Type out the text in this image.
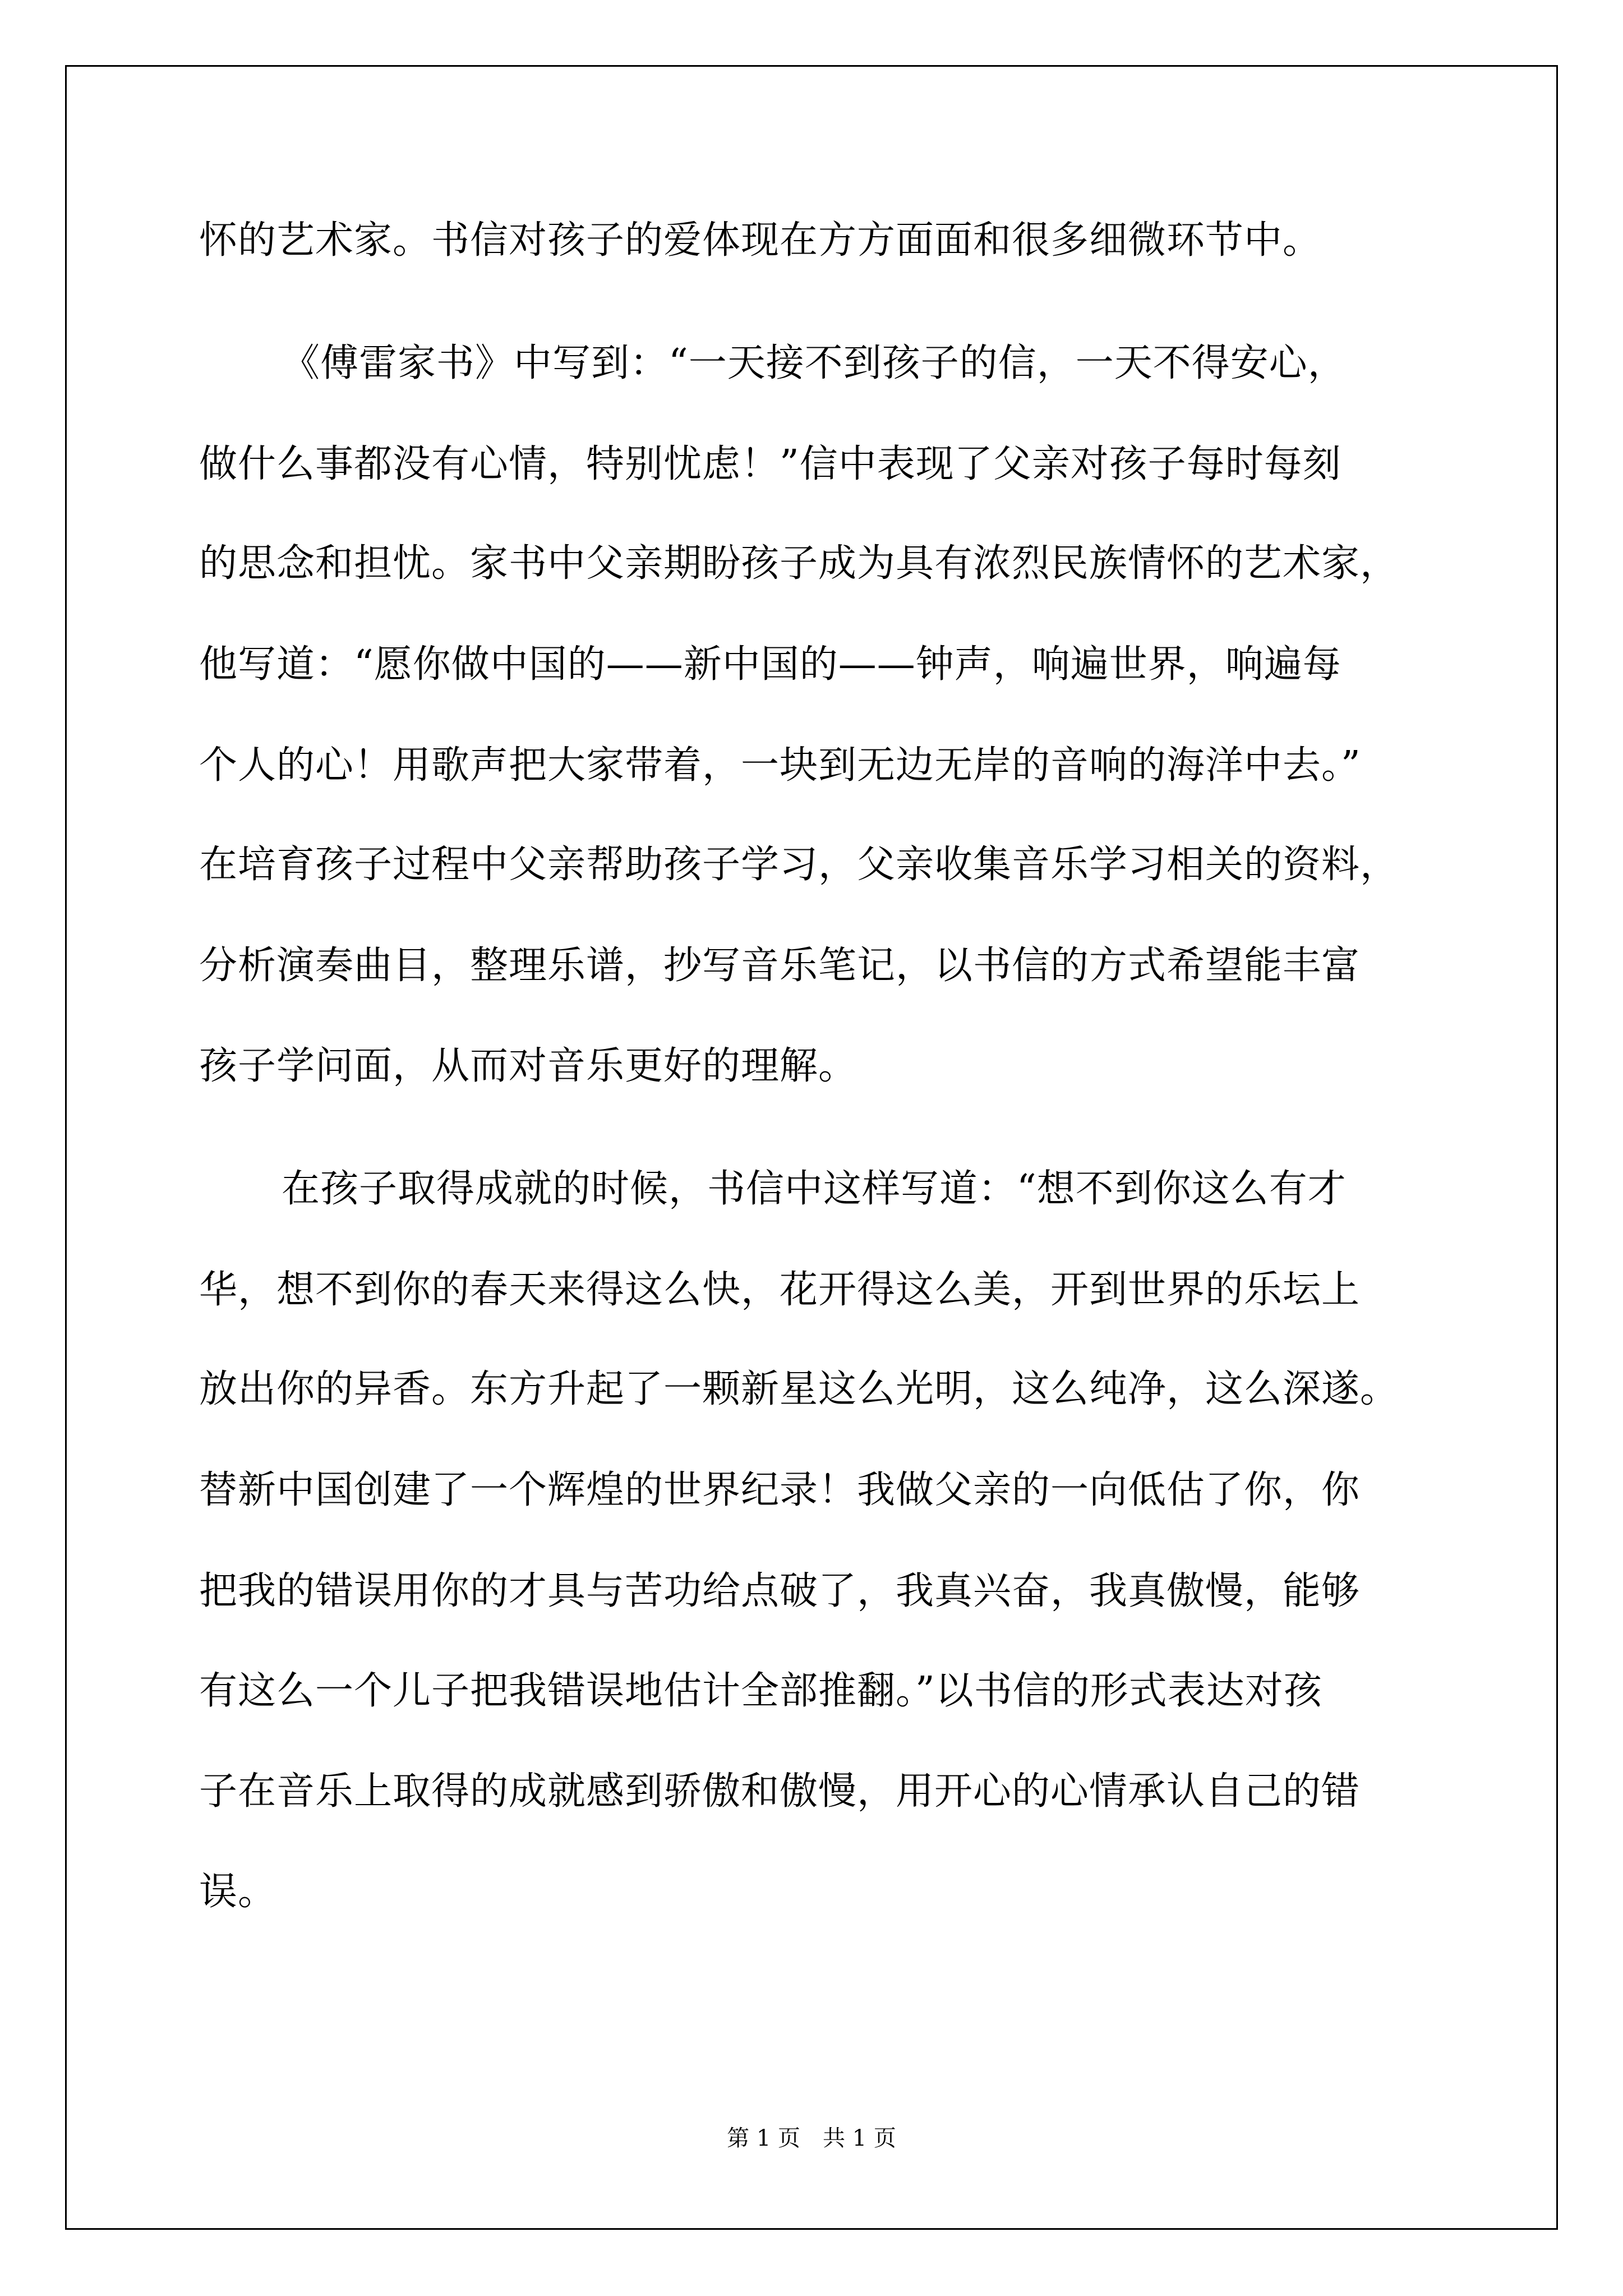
怀的艺术家。书信对孩子的爱体现在方方面面和很多细微环节中。
《傅雷家书》中写到：“一天接不到孩子的信，一天不得安心，
做什么事都没有心情，特别忧虑！”信中表现了父亲对孩子每时每刻
的思念和担忧。家书中父亲期盼孩子成为具有浓烈民族情怀的艺术家，
他写道：“愿你做中国的——新中国的——钟声，响遍世界，响遍每
个人的心！用歌声把大家带着，一块到无边无岸的音响的海洋中去。”
在培育孩子过程中父亲帮助孩子学习，父亲收集音乐学习相关的资料，
分析演奏曲目，整理乐谱，抄写音乐笔记，以书信的方式希望能丰富
孩子学问面，从而对音乐更好的理解。
在孩子取得成就的时候，书信中这样写道：“想不到你这么有才
华，想不到你的春天来得这么快，花开得这么美，开到世界的乐坛上
放出你的异香。东方升起了一颗新星这么光明，这么纯净，这么深遂。
替新中国创建了一个辉煌的世界纪录！我做父亲的一向低估了你，你
把我的错误用你的才具与苦功给点破了，我真兴奋，我真傲慢，能够
有这么一个儿子把我错误地估计全部推翻。”以书信的形式表达对孩
子在音乐上取得的成就感到骄傲和傲慢，用开心的心情承认自己的错
误。
第 1 页　共 1 页
